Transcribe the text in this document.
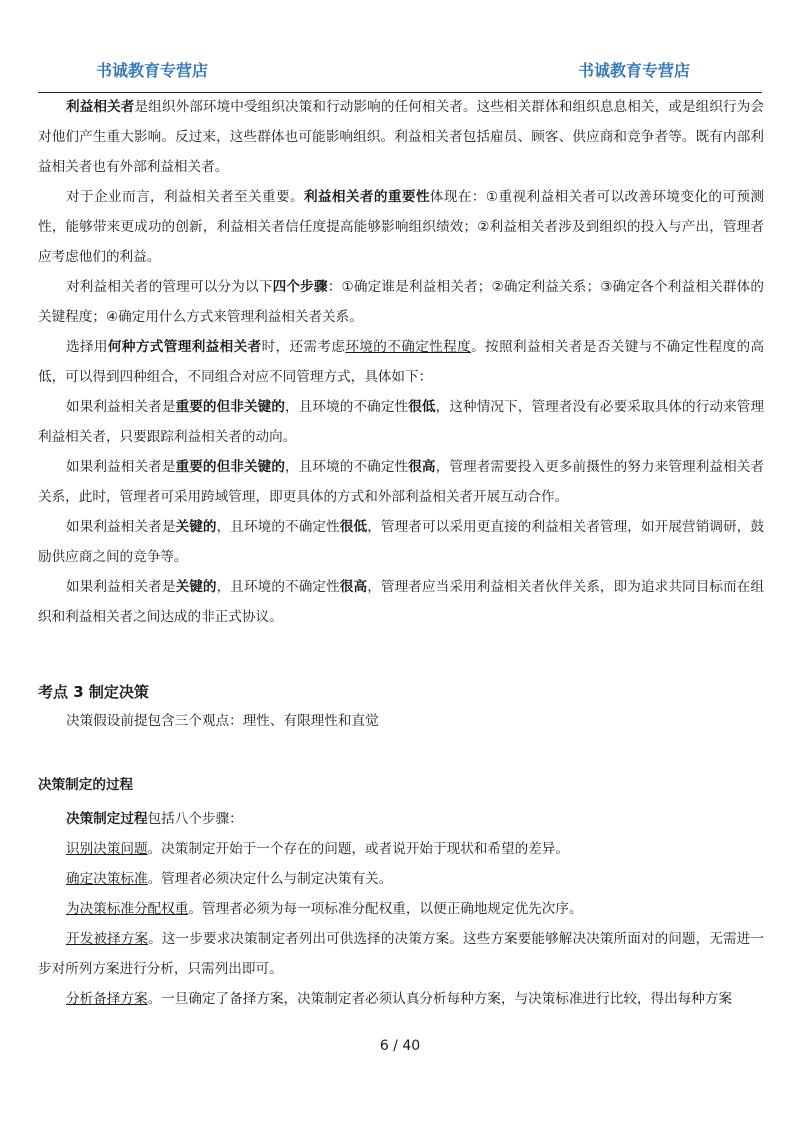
书诚教育专营店	书诚教育专营店

利益相关者是组织外部环境中受组织决策和行动影响的任何相关者。这些相关群体和组织息息相关，或是组织行为会对他们产生重大影响。反过来，这些群体也可能影响组织。利益相关者包括雇员、顾客、供应商和竞争者等。既有内部利益相关者也有外部利益相关者。

对于企业而言，利益相关者至关重要。利益相关者的重要性体现在：①重视利益相关者可以改善环境变化的可预测性，能够带来更成功的创新，利益相关者信任度提高能够影响组织绩效；②利益相关者涉及到组织的投入与产出，管理者应考虑他们的利益。

对利益相关者的管理可以分为以下四个步骤：①确定谁是利益相关者；②确定利益关系；③确定各个利益相关群体的关键程度；④确定用什么方式来管理利益相关者关系。

选择用何种方式管理利益相关者时，还需考虑环境的不确定性程度。按照利益相关者是否关键与不确定性程度的高低，可以得到四种组合，不同组合对应不同管理方式，具体如下：

如果利益相关者是重要的但非关键的，且环境的不确定性很低，这种情况下，管理者没有必要采取具体的行动来管理利益相关者，只要跟踪利益相关者的动向。

如果利益相关者是重要的但非关键的，且环境的不确定性很高，管理者需要投入更多前摄性的努力来管理利益相关者关系，此时，管理者可采用跨域管理，即更具体的方式和外部利益相关者开展互动合作。

如果利益相关者是关键的，且环境的不确定性很低，管理者可以采用更直接的利益相关者管理，如开展营销调研，鼓励供应商之间的竞争等。

如果利益相关者是关键的，且环境的不确定性很高，管理者应当采用利益相关者伙伴关系，即为追求共同目标而在组织和利益相关者之间达成的非正式协议。

考点 3 制定决策

决策假设前提包含三个观点：理性、有限理性和直觉

决策制定的过程

决策制定过程包括八个步骤：

识别决策问题。决策制定开始于一个存在的问题，或者说开始于现状和希望的差异。

确定决策标准。管理者必须决定什么与制定决策有关。

为决策标准分配权重。管理者必须为每一项标准分配权重，以便正确地规定优先次序。

开发被择方案。这一步要求决策制定者列出可供选择的决策方案。这些方案要能够解决决策所面对的问题，无需进一步对所列方案进行分析，只需列出即可。

分析备择方案。一旦确定了备择方案，决策制定者必须认真分析每种方案，与决策标准进行比较，得出每种方案

6 / 40
